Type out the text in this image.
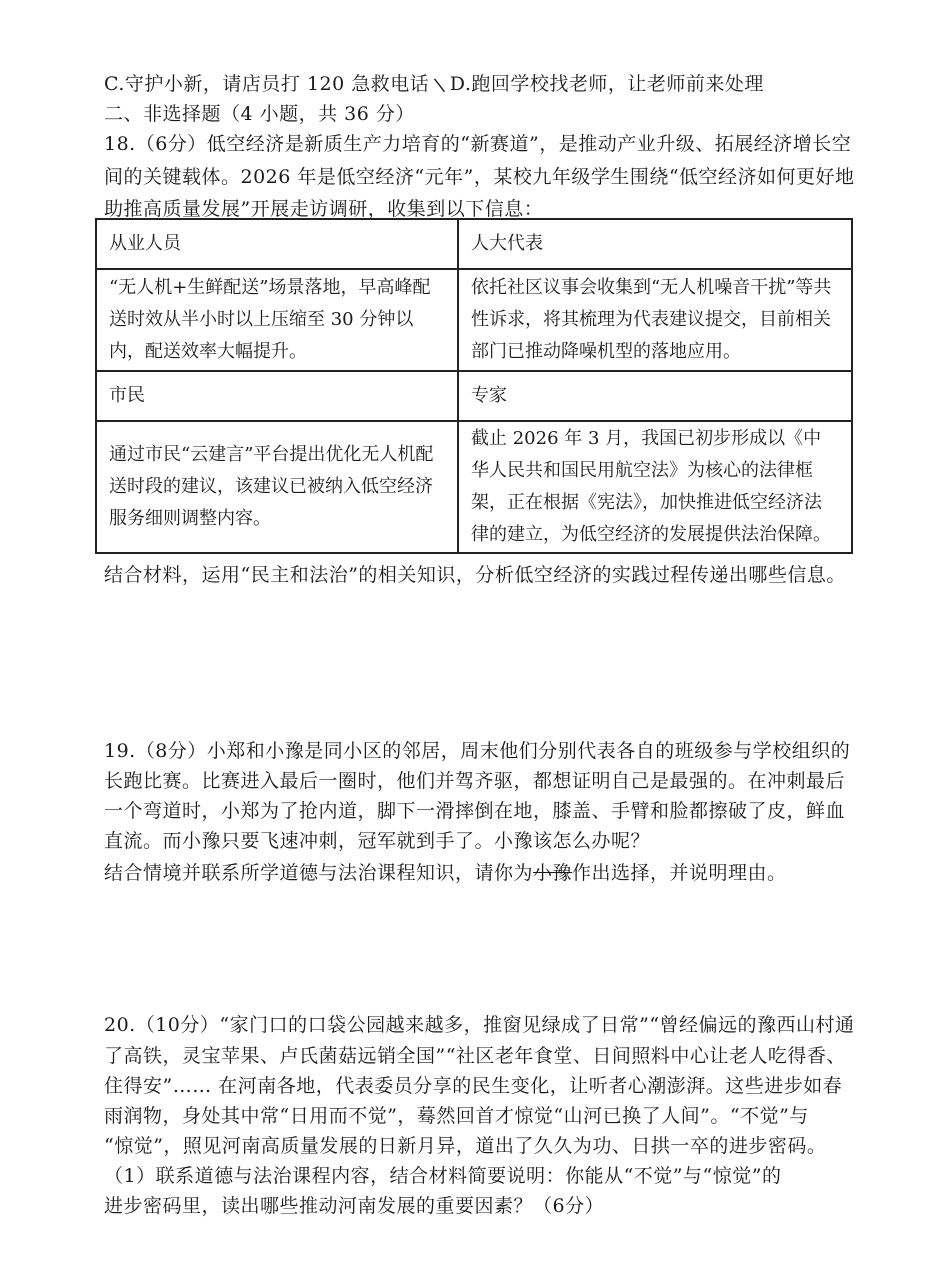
C.守护小新，请店员打 120 急救电话 \ D.跑回学校找老师，让老师前来处理
二、非选择题（4 小题，共 36 分）
18.（6分）低空经济是新质生产力培育的“新赛道”，是推动产业升级、拓展经济增长空
间的关键载体。2026 年是低空经济“元年”，某校九年级学生围绕“低空经济如何更好地
助推高质量发展”开展走访调研，收集到以下信息：
从业人员	人大代表

“无人机+生鲜配送”场景落地，早高峰配送时效从半小时以上压缩至 30 分钟以内，配送效率大幅提升。	依托社区议事会收集到“无人机噪音干扰”等共性诉求，将其梳理为代表建议提交，目前相关部门已推动降噪机型的落地应用。

市民	专家

通过市民“云建言”平台提出优化无人机配送时段的建议，该建议已被纳入低空经济服务细则调整内容。	截止 2026 年 3 月，我国已初步形成以《中华人民共和国民用航空法》为核心的法律框架，正在根据《宪法》，加快推进低空经济法律的建立，为低空经济的发展提供法治保障。
结合材料，运用“民主和法治”的相关知识，分析低空经济的实践过程传递出哪些信息。
19.（8分）小郑和小豫是同小区的邻居，周末他们分别代表各自的班级参与学校组织的
长跑比赛。比赛进入最后一圈时，他们并驾齐驱，都想证明自己是最强的。在冲刺最后
一个弯道时，小郑为了抢内道，脚下一滑摔倒在地，膝盖、手臂和脸都擦破了皮，鲜血
直流。而小豫只要飞速冲刺，冠军就到手了。小豫该怎么办呢？
结合情境并联系所学道德与法治课程知识，请你为小豫作出选择，并说明理由。
20.（10分）“家门口的口袋公园越来越多，推窗见绿成了日常”“曾经偏远的豫西山村通
了高铁，灵宝苹果、卢氏菌菇远销全国”“社区老年食堂、日间照料中心让老人吃得香、
住得安”…… 在河南各地，代表委员分享的民生变化，让听者心潮澎湃。这些进步如春
雨润物，身处其中常“日用而不觉”，蓦然回首才惊觉“山河已换了人间”。“不觉”与
“惊觉”，照见河南高质量发展的日新月异，道出了久久为功、日拱一卒的进步密码。
（1）联系道德与法治课程内容，结合材料简要说明：你能从“不觉”与“惊觉”的
进步密码里，读出哪些推动河南发展的重要因素？（6分）
